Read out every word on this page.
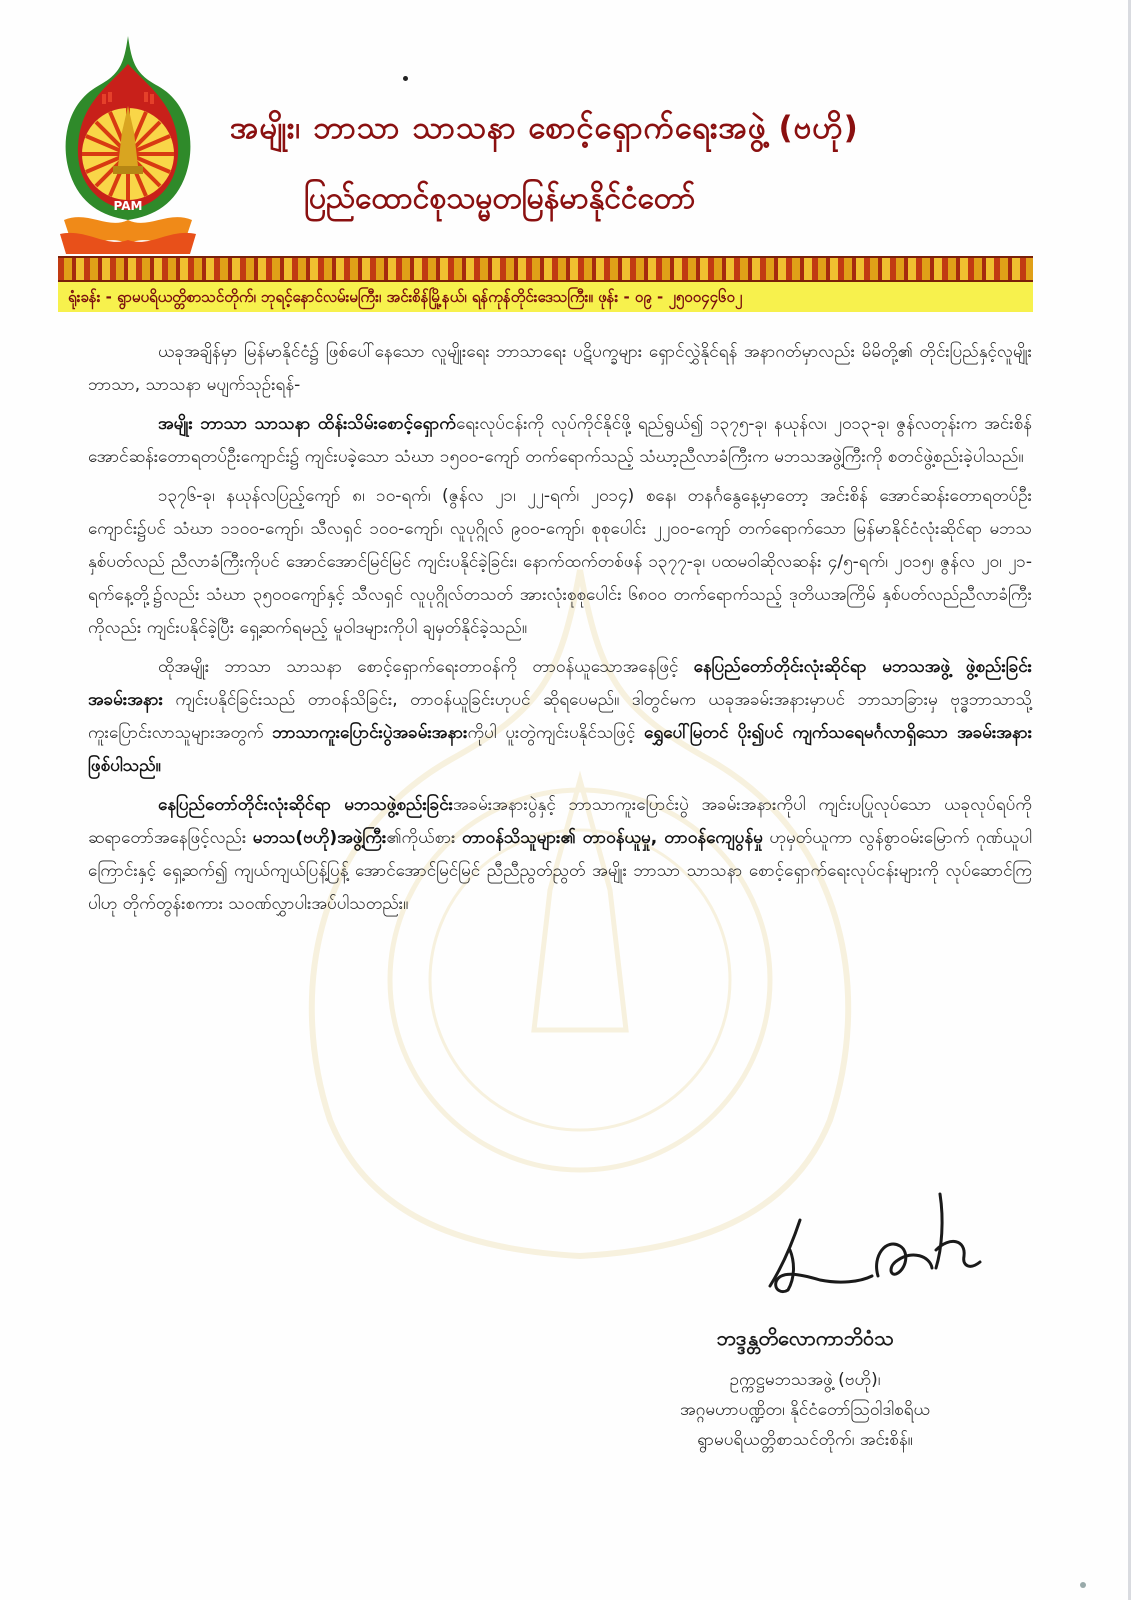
PAM
အမျိုး၊ ဘာသာ သာသနာ စောင့်ရှောက်ရေးအဖွဲ့ (ဗဟို)
ပြည်ထောင်စုသမ္မတမြန်မာနိုင်ငံတော်
ရုံးခန်း - ရွာမပရိယတ္တိစာသင်တိုက်၊ ဘုရင့်နောင်လမ်းမကြီး၊ အင်းစိန်မြို့နယ်၊ ရန်ကုန်တိုင်းဒေသကြီး။ ဖုန်း - ၀၉ - ၂၅၀၀၄၄၆၀၂

ယခုအချိန်မှာ မြန်မာနိုင်ငံ၌ ဖြစ်ပေါ်နေသော လူမျိုးရေး ဘာသာရေး ပဋိပက္ခများ ရှောင်လွှဲနိုင်ရန် အနာဂတ်မှာလည်း မိမိတို့၏ တိုင်းပြည်နှင့်လူမျိုး ဘာသာ, သာသနာ မပျက်သုဉ်းရန်-

အမျိုး ဘာသာ သာသနာ ထိန်းသိမ်းစောင့်ရှောက်ရေးလုပ်ငန်းကို လုပ်ကိုင်နိုင်ဖို့ ရည်ရွယ်၍ ၁၃၇၅-ခု၊ နယုန်လ၊ ၂၀၁၃-ခု၊ ဇွန်လတုန်းက အင်းစိန်အောင်ဆန်းတောရတပ်ဦးကျောင်း၌ ကျင်းပခဲ့သော သံဃာ ၁၅၀၀-ကျော် တက်ရောက်သည့် သံဃာ့ညီလာခံကြီးက မဘသအဖွဲ့ကြီးကို စတင်ဖွဲ့စည်းခဲ့ပါသည်။

၁၃၇၆-ခု၊ နယုန်လပြည့်ကျော် ၈၊ ၁၀-ရက်၊ (ဇွန်လ ၂၁၊ ၂၂-ရက်၊ ၂၀၁၄) စနေ၊ တနင်္ဂနွေနေ့မှာတော့ အင်းစိန် အောင်ဆန်းတောရတပ်ဦးကျောင်း၌ပင် သံဃာ ၁၁၀၀-ကျော်၊ သီလရှင် ၁၀၀-ကျော်၊ လူပုဂ္ဂိုလ် ၉၀၀-ကျော်၊ စုစုပေါင်း ၂၂၀၀-ကျော် တက်ရောက်သော မြန်မာနိုင်ငံလုံးဆိုင်ရာ မဘသနှစ်ပတ်လည် ညီလာခံကြီးကိုပင် အောင်အောင်မြင်မြင် ကျင်းပနိုင်ခဲ့ခြင်း၊ နောက်ထက်တစ်ဖန် ၁၃၇၇-ခု၊ ပထမဝါဆိုလဆန်း ၄/၅-ရက်၊ ၂၀၁၅၊ ဇွန်လ ၂၀၊ ၂၁-ရက်နေ့တို့၌လည်း သံဃာ ၃၅၀၀ကျော်နှင့် သီလရှင် လူပုဂ္ဂိုလ်တသတ် အားလုံးစုစုပေါင်း ၆၈၀၀ တက်ရောက်သည့် ဒုတိယအကြိမ် နှစ်ပတ်လည်ညီလာခံကြီးကိုလည်း ကျင်းပနိုင်ခဲ့ပြီး ရှေ့ဆက်ရမည့် မူဝါဒများကိုပါ ချမှတ်နိုင်ခဲ့သည်။

ထိုအမျိုး ဘာသာ သာသနာ စောင့်ရှောက်ရေးတာဝန်ကို တာဝန်ယူသောအနေဖြင့် နေပြည်တော်တိုင်းလုံးဆိုင်ရာ မဘသအဖွဲ့ ဖွဲ့စည်းခြင်းအခမ်းအနား ကျင်းပနိုင်ခြင်းသည် တာဝန်သိခြင်း, တာဝန်ယူခြင်းဟုပင် ဆိုရပေမည်။ ဒါတွင်မက ယခုအခမ်းအနားမှာပင် ဘာသာခြားမှ ဗုဒ္ဓဘာသာသို့ ကူးပြောင်းလာသူများအတွက် ဘာသာကူးပြောင်းပွဲအခမ်းအနားကိုပါ ပူးတွဲကျင်းပနိုင်သဖြင့် ရွှေပေါ်မြတင် ပိုး၍ပင် ကျက်သရေမင်္ဂလာရှိသော အခမ်းအနားဖြစ်ပါသည်။

နေပြည်တော်တိုင်းလုံးဆိုင်ရာ မဘသဖွဲ့စည်းခြင်းအခမ်းအနားပွဲနှင့် ဘာသာကူးပြောင်းပွဲ အခမ်းအနားကိုပါ ကျင်းပပြုလုပ်သော ယခုလုပ်ရပ်ကို ဆရာတော်အနေဖြင့်လည်း မဘသ(ဗဟို)အဖွဲ့ကြီး၏ကိုယ်စား တာဝန်သိသူများ၏ တာဝန်ယူမှု, တာဝန်ကျေပွန်မှု ဟုမှတ်ယူကာ လွန်စွာဝမ်းမြောက် ဂုဏ်ယူပါကြောင်းနှင့် ရှေ့ဆက်၍ ကျယ်ကျယ်ပြန့်ပြန့် အောင်အောင်မြင်မြင် ညီညီညွတ်ညွတ် အမျိုး ဘာသာ သာသနာ စောင့်ရှောက်ရေးလုပ်ငန်းများကို လုပ်ဆောင်ကြပါဟု တိုက်တွန်းစကား သဝဏ်လွှာပါးအပ်ပါသတည်း။

ဘဒ္ဒန္တတိလောကာဘိဝံသ
ဥက္ကဋ္ဌမဘသအဖွဲ့ (ဗဟို)၊
အဂ္ဂမဟာပဏ္ဍိတ၊ နိုင်ငံတော်ဩဝါဒါစရိယ
ရွာမပရိယတ္တိစာသင်တိုက်၊ အင်းစိန်။
